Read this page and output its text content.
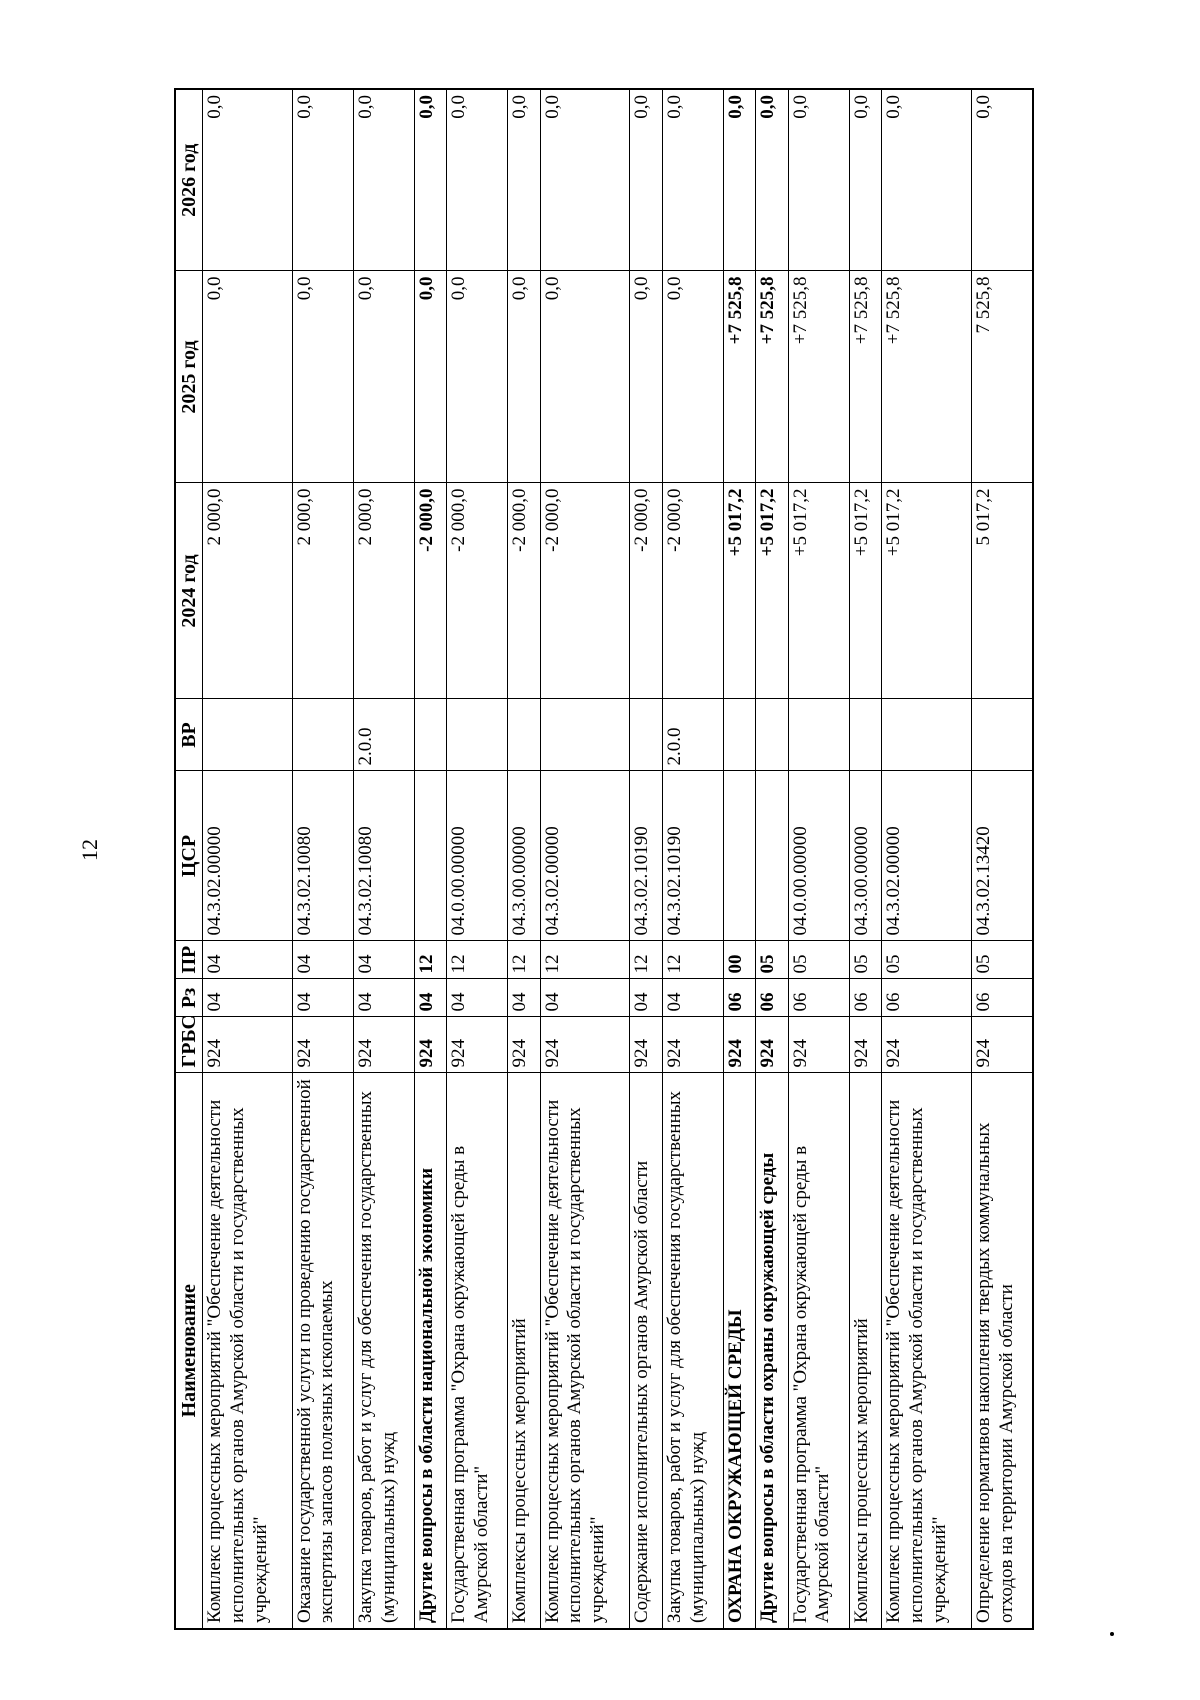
12
Наименование	ГРБС	Рз	ПР	ЦСР	ВР	2024 год	2025 год	2026 год
Комплекс процессных мероприятий "Обеспечение деятельности исполнительных органов Амурской области и государственных учреждений"	924	04	04	04.3.02.00000		2 000,0	0,0	0,0
Оказание государственной услуги по проведению государственной экспертизы запасов полезных ископаемых	924	04	04	04.3.02.10080		2 000,0	0,0	0,0
Закупка товаров, работ и услуг для обеспечения государственных (муниципальных) нужд	924	04	04	04.3.02.10080	2.0.0	2 000,0	0,0	0,0
Другие вопросы в области национальной экономики	924	04	12			-2 000,0	0,0	0,0
Государственная программа "Охрана окружающей среды в Амурской области"	924	04	12	04.0.00.00000		-2 000,0	0,0	0,0
Комплексы процессных мероприятий	924	04	12	04.3.00.00000		-2 000,0	0,0	0,0
Комплекс процессных мероприятий "Обеспечение деятельности исполнительных органов Амурской области и государственных учреждений"	924	04	12	04.3.02.00000		-2 000,0	0,0	0,0
Содержание исполнительных органов Амурской области	924	04	12	04.3.02.10190		-2 000,0	0,0	0,0
Закупка товаров, работ и услуг для обеспечения государственных (муниципальных) нужд	924	04	12	04.3.02.10190	2.0.0	-2 000,0	0,0	0,0
ОХРАНА ОКРУЖАЮЩЕЙ СРЕДЫ	924	06	00			+5 017,2	+7 525,8	0,0
Другие вопросы в области охраны окружающей среды	924	06	05			+5 017,2	+7 525,8	0,0
Государственная программа "Охрана окружающей среды в Амурской области"	924	06	05	04.0.00.00000		+5 017,2	+7 525,8	0,0
Комплексы процессных мероприятий	924	06	05	04.3.00.00000		+5 017,2	+7 525,8	0,0
Комплекс процессных мероприятий "Обеспечение деятельности исполнительных органов Амурской области и государственных учреждений"	924	06	05	04.3.02.00000		+5 017,2	+7 525,8	0,0
Определение нормативов накопления твердых коммунальных отходов на территории Амурской области	924	06	05	04.3.02.13420		5 017,2	7 525,8	0,0
